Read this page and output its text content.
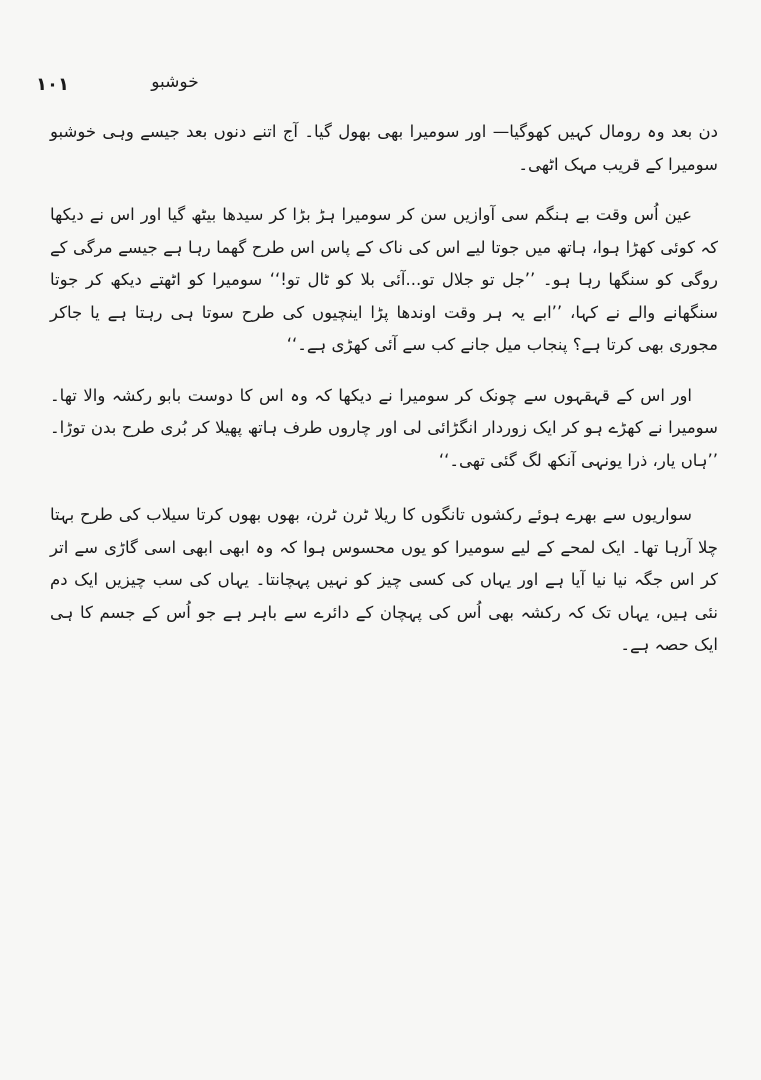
١٠١	خوشبو

دن بعد وہ رومال کہیں کھوگیا— اور سومیرا بھی بھول گیا۔ آج اتنے دنوں بعد جیسے وہی خوشبو سومیرا کے قریب مہک اٹھی۔

عین اُس وقت بے ہنگم سی آوازیں سن کر سومیرا ہڑ بڑا کر سیدھا بیٹھ گیا اور اس نے دیکھا کہ کوئی کھڑا ہوا، ہاتھ میں جوتا لیے اس کی ناک کے پاس اس طرح گھما رہا ہے جیسے مرگی کے روگی کو سنگھا رہا ہو۔ ’’جل تو جلال تو...آئی بلا کو ٹال تو!‘‘ سومیرا کو اٹھتے دیکھ کر جوتا سنگھانے والے نے کہا، ’’ابے یہ ہر وقت اوندھا پڑا اینچیوں کی طرح سوتا ہی رہتا ہے یا جاکر مجوری بھی کرتا ہے؟ پنجاب میل جانے کب سے آئی کھڑی ہے۔‘‘

اور اس کے قہقہوں سے چونک کر سومیرا نے دیکھا کہ وہ اس کا دوست بابو رکشہ والا تھا۔ سومیرا نے کھڑے ہو کر ایک زوردار انگڑائی لی اور چاروں طرف ہاتھ پھیلا کر بُری طرح بدن توڑا۔ ’’ہاں یار، ذرا یونہی آنکھ لگ گئی تھی۔‘‘

سواریوں سے بھرے ہوئے رکشوں تانگوں کا ریلا ٹرن ٹرن، بھوں بھوں کرتا سیلاب کی طرح بہتا چلا آرہا تھا۔ ایک لمحے کے لیے سومیرا کو یوں محسوس ہوا کہ وہ ابھی ابھی اسی گاڑی سے اتر کر اس جگہ نیا نیا آیا ہے اور یہاں کی کسی چیز کو نہیں پہچانتا۔ یہاں کی سب چیزیں ایک دم نئی ہیں، یہاں تک کہ رکشہ بھی اُس کی پہچان کے دائرے سے باہر ہے جو اُس کے جسم کا ہی ایک حصہ ہے۔
